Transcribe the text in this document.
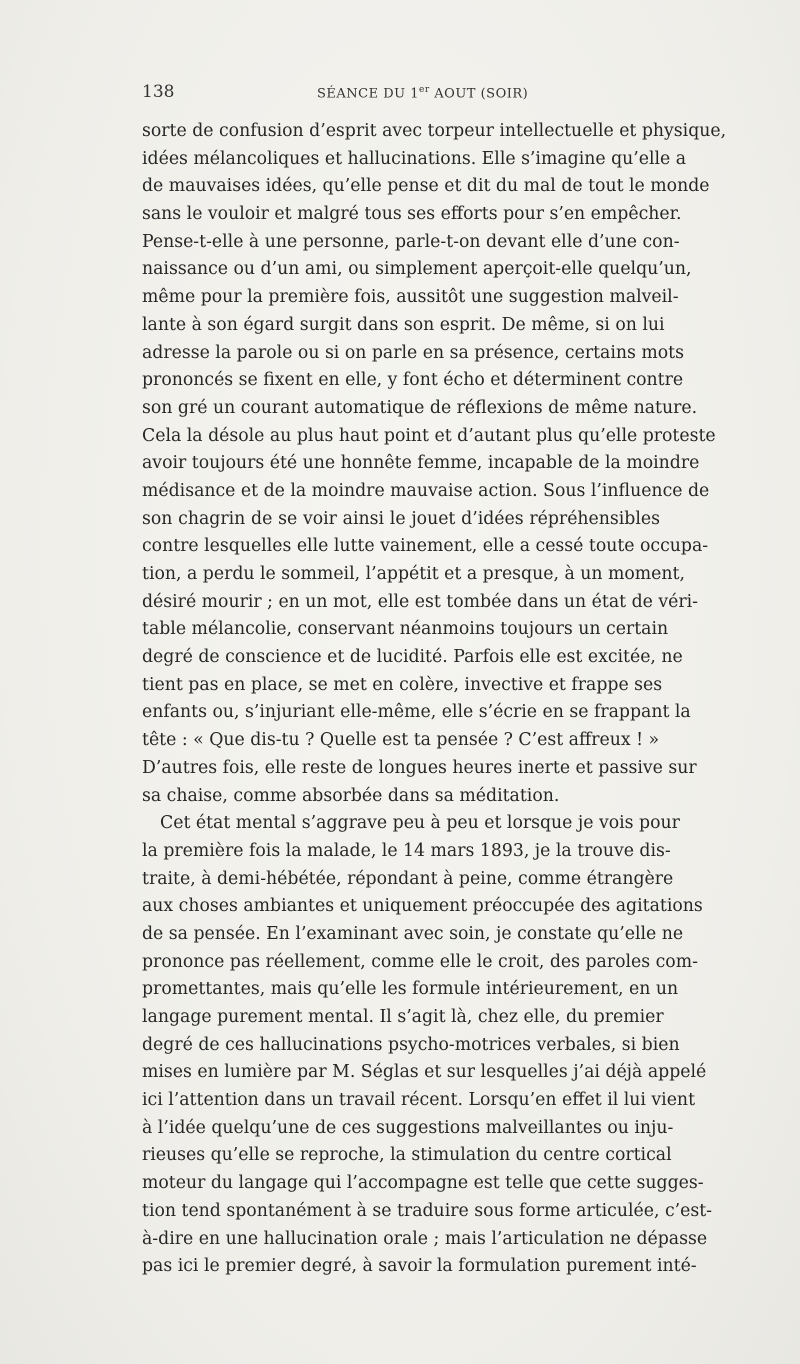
138	SÉANCE DU 1er AOUT (SOIR)
sorte de confusion d’esprit avec torpeur intellectuelle et physique,
idées mélancoliques et hallucinations. Elle s’imagine qu’elle a
de mauvaises idées, qu’elle pense et dit du mal de tout le monde
sans le vouloir et malgré tous ses efforts pour s’en empêcher.
Pense-t-elle à une personne, parle-t-on devant elle d’une con-
naissance ou d’un ami, ou simplement aperçoit-elle quelqu’un,
même pour la première fois, aussitôt une suggestion malveil-
lante à son égard surgit dans son esprit. De même, si on lui
adresse la parole ou si on parle en sa présence, certains mots
prononcés se fixent en elle, y font écho et déterminent contre
son gré un courant automatique de réflexions de même nature.
Cela la désole au plus haut point et d’autant plus qu’elle proteste
avoir toujours été une honnête femme, incapable de la moindre
médisance et de la moindre mauvaise action. Sous l’influence de
son chagrin de se voir ainsi le jouet d’idées répréhensibles
contre lesquelles elle lutte vainement, elle a cessé toute occupa-
tion, a perdu le sommeil, l’appétit et a presque, à un moment,
désiré mourir ; en un mot, elle est tombée dans un état de véri-
table mélancolie, conservant néanmoins toujours un certain
degré de conscience et de lucidité. Parfois elle est excitée, ne
tient pas en place, se met en colère, invective et frappe ses
enfants ou, s’injuriant elle-même, elle s’écrie en se frappant la
tête : « Que dis-tu ? Quelle est ta pensée ? C’est affreux ! »
D’autres fois, elle reste de longues heures inerte et passive sur
sa chaise, comme absorbée dans sa méditation.
Cet état mental s’aggrave peu à peu et lorsque je vois pour
la première fois la malade, le 14 mars 1893, je la trouve dis-
traite, à demi-hébétée, répondant à peine, comme étrangère
aux choses ambiantes et uniquement préoccupée des agitations
de sa pensée. En l’examinant avec soin, je constate qu’elle ne
prononce pas réellement, comme elle le croit, des paroles com-
promettantes, mais qu’elle les formule intérieurement, en un
langage purement mental. Il s’agit là, chez elle, du premier
degré de ces hallucinations psycho-motrices verbales, si bien
mises en lumière par M. Séglas et sur lesquelles j’ai déjà appelé
ici l’attention dans un travail récent. Lorsqu’en effet il lui vient
à l’idée quelqu’une de ces suggestions malveillantes ou inju-
rieuses qu’elle se reproche, la stimulation du centre cortical
moteur du langage qui l’accompagne est telle que cette sugges-
tion tend spontanément à se traduire sous forme articulée, c’est-
à-dire en une hallucination orale ; mais l’articulation ne dépasse
pas ici le premier degré, à savoir la formulation purement inté-
